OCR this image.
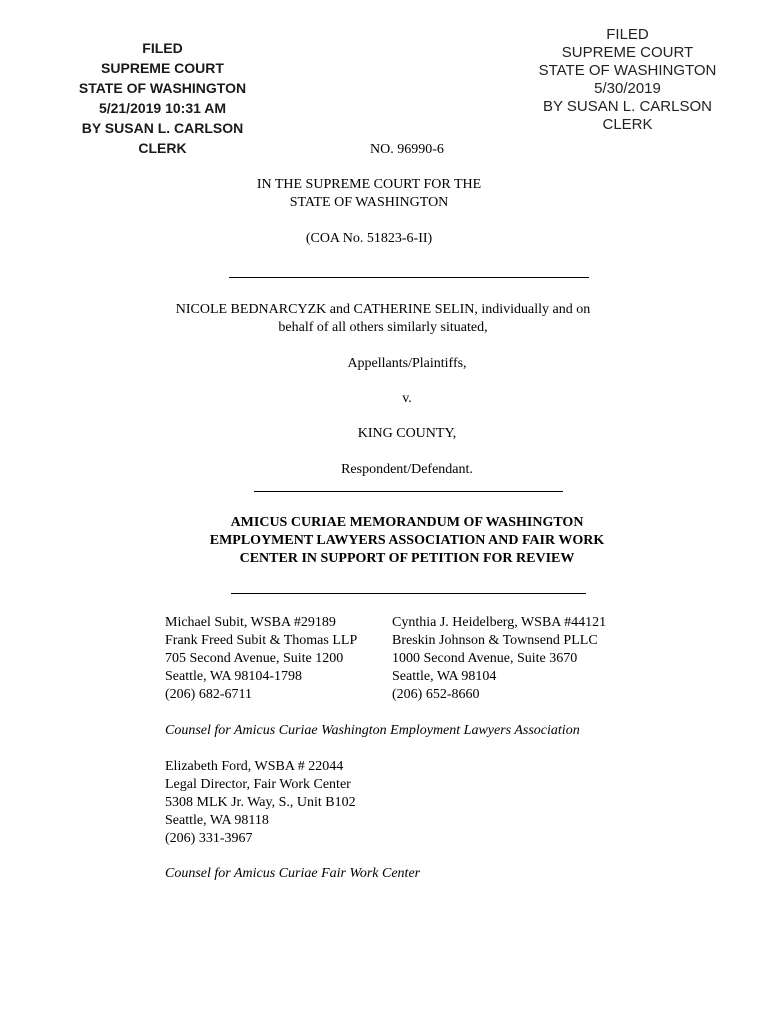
FILED
SUPREME COURT
STATE OF WASHINGTON
5/21/2019 10:31 AM
BY SUSAN L. CARLSON
CLERK
FILED
SUPREME COURT
STATE OF WASHINGTON
5/30/2019
BY SUSAN L. CARLSON
CLERK
NO. 96990-6
IN THE SUPREME COURT FOR THE
STATE OF WASHINGTON
(COA No. 51823-6-II)
NICOLE BEDNARCYZK and CATHERINE SELIN, individually and on
behalf of all others similarly situated,
Appellants/Plaintiffs,
v.
KING COUNTY,
Respondent/Defendant.
AMICUS CURIAE MEMORANDUM OF WASHINGTON
EMPLOYMENT LAWYERS ASSOCIATION AND FAIR WORK
CENTER IN SUPPORT OF PETITION FOR REVIEW
Michael Subit, WSBA #29189
Frank Freed Subit & Thomas LLP
705 Second Avenue, Suite 1200
Seattle, WA 98104-1798
(206) 682-6711
Cynthia J. Heidelberg, WSBA #44121
Breskin Johnson & Townsend PLLC
1000 Second Avenue, Suite 3670
Seattle, WA 98104
(206) 652-8660
Counsel for Amicus Curiae Washington Employment Lawyers Association
Elizabeth Ford, WSBA # 22044
Legal Director, Fair Work Center
5308 MLK Jr. Way, S., Unit B102
Seattle, WA 98118
(206) 331-3967
Counsel for Amicus Curiae Fair Work Center
